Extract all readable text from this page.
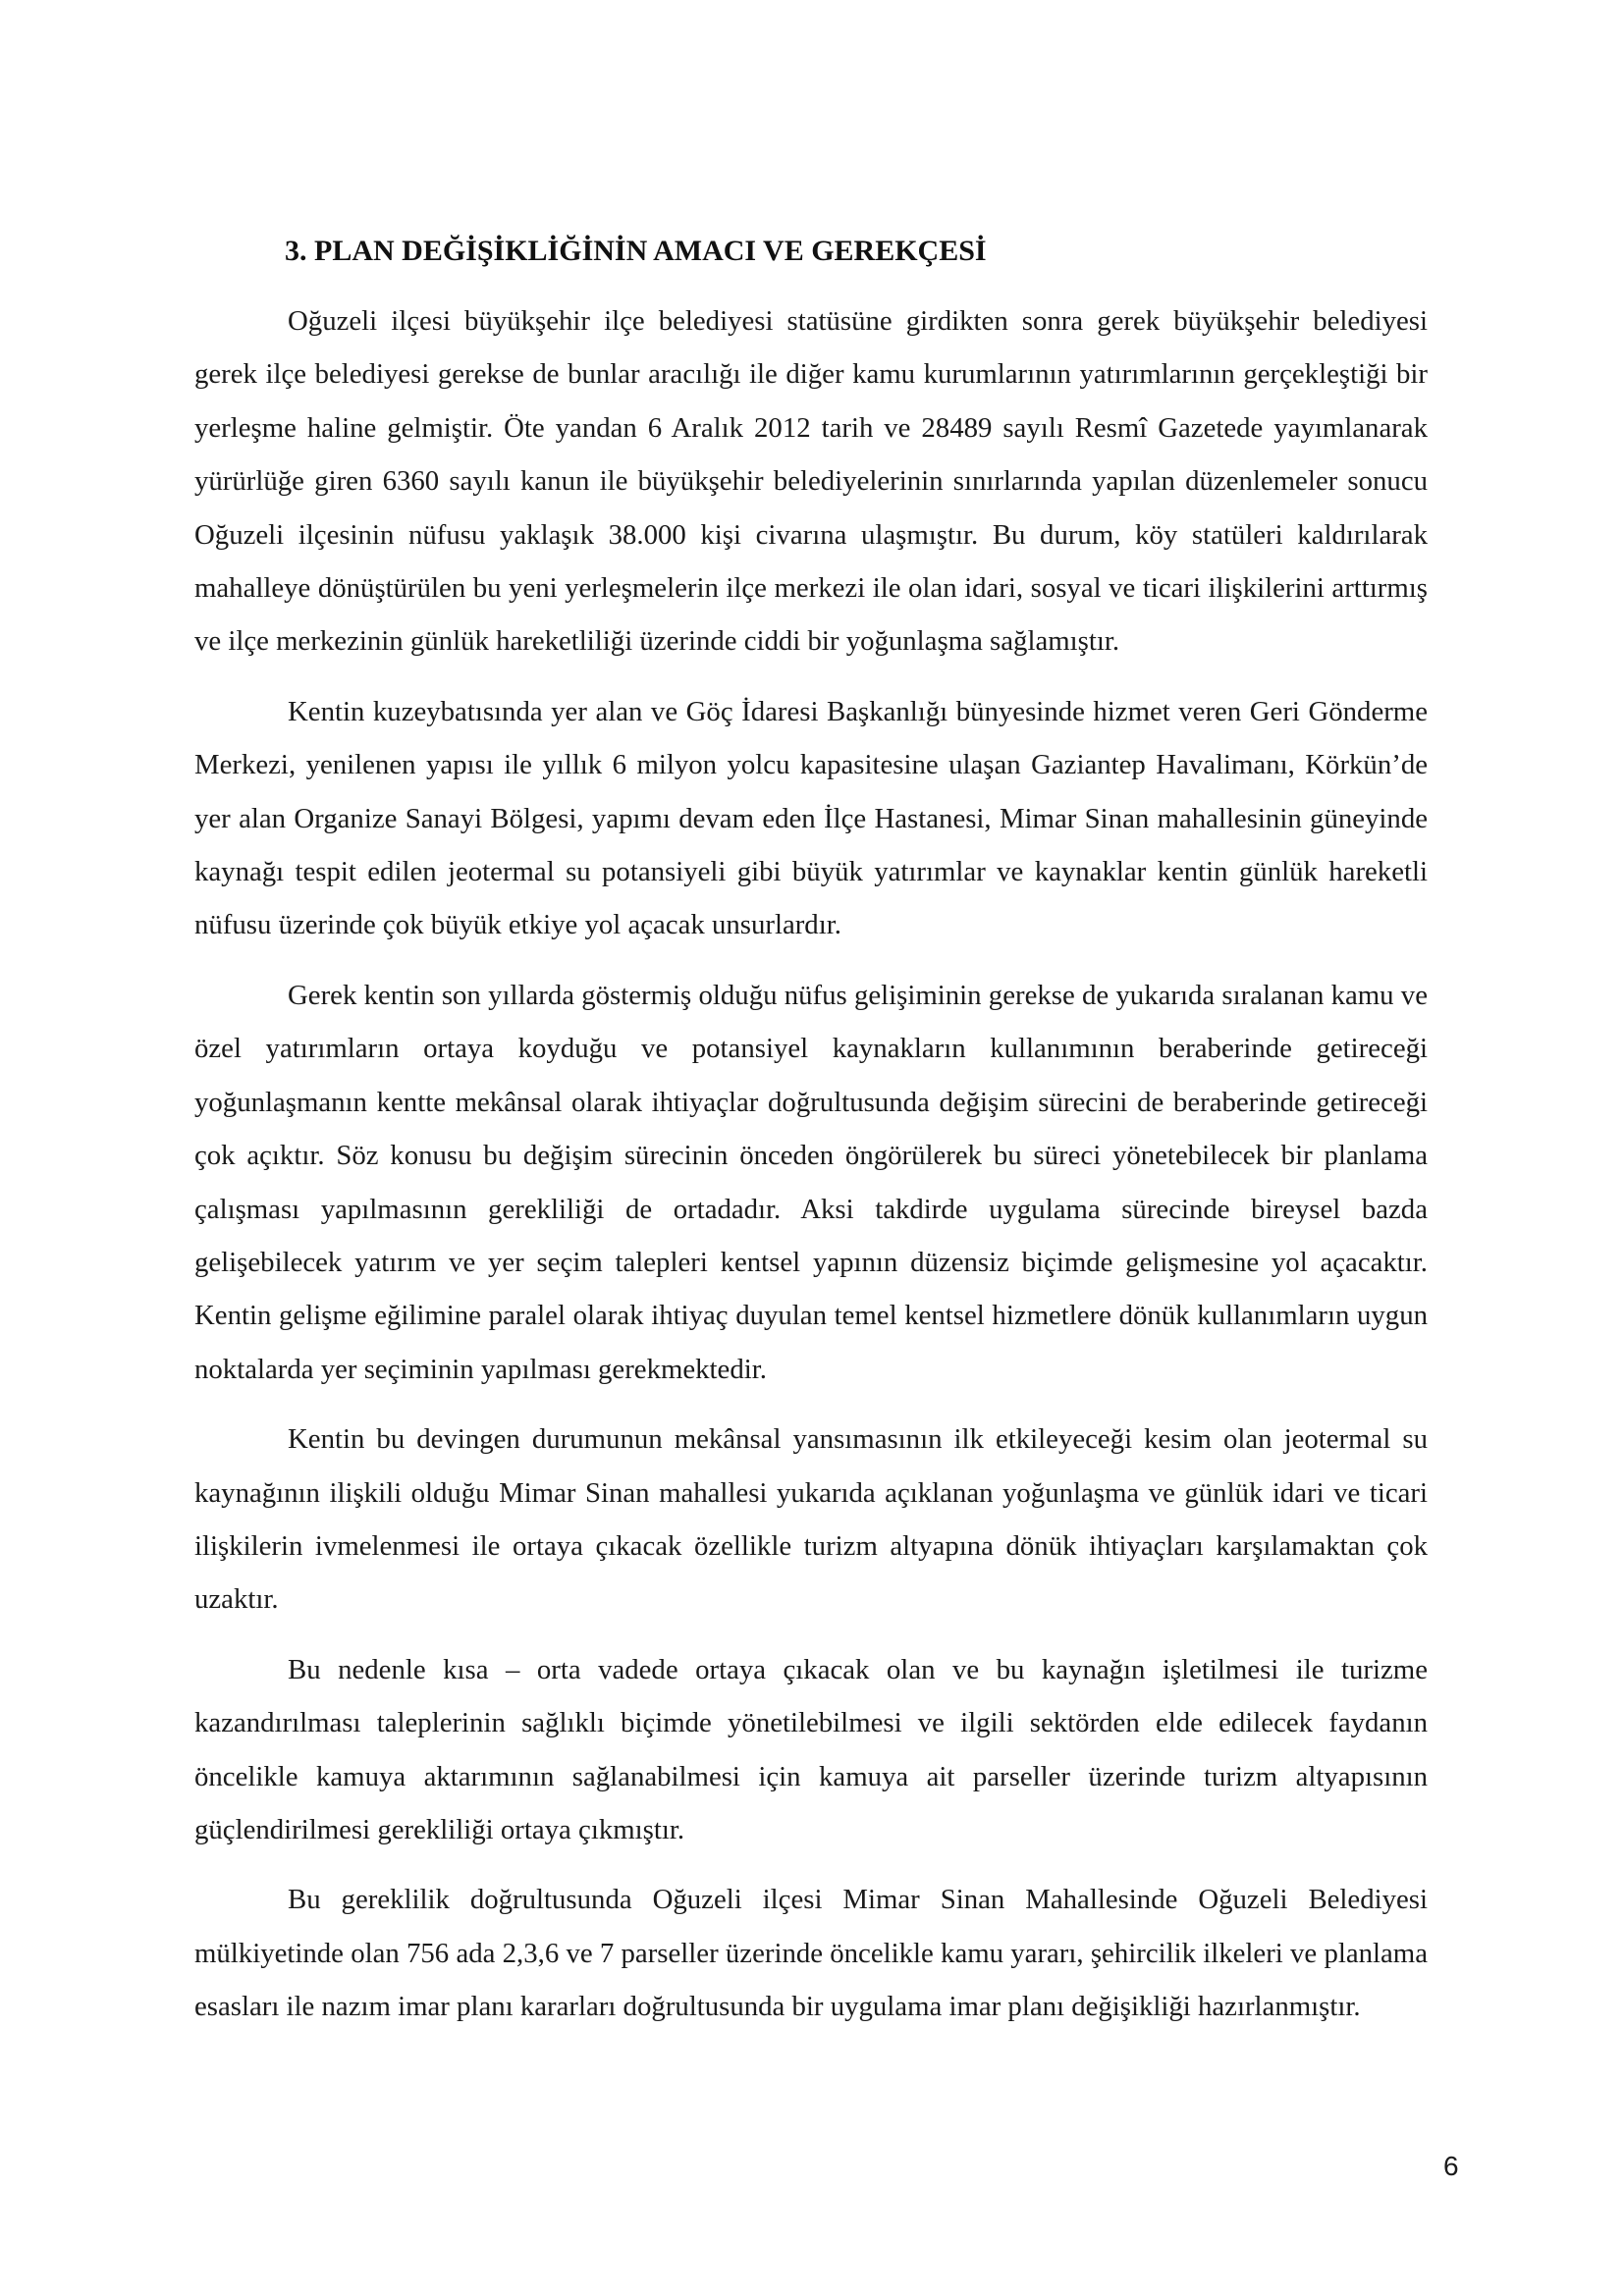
3. PLAN DEĞİŞİKLİĞİNİN AMACI VE GEREKÇESİ

Oğuzeli ilçesi büyükşehir ilçe belediyesi statüsüne girdikten sonra gerek büyükşehir belediyesi gerek ilçe belediyesi gerekse de bunlar aracılığı ile diğer kamu kurumlarının yatırımlarının gerçekleştiği bir yerleşme haline gelmiştir. Öte yandan 6 Aralık 2012 tarih ve 28489 sayılı Resmî Gazetede yayımlanarak yürürlüğe giren 6360 sayılı kanun ile büyükşehir belediyelerinin sınırlarında yapılan düzenlemeler sonucu Oğuzeli ilçesinin nüfusu yaklaşık 38.000 kişi civarına ulaşmıştır. Bu durum, köy statüleri kaldırılarak mahalleye dönüştürülen bu yeni yerleşmelerin ilçe merkezi ile olan idari, sosyal ve ticari ilişkilerini arttırmış ve ilçe merkezinin günlük hareketliliği üzerinde ciddi bir yoğunlaşma sağlamıştır.

Kentin kuzeybatısında yer alan ve Göç İdaresi Başkanlığı bünyesinde hizmet veren Geri Gönderme Merkezi, yenilenen yapısı ile yıllık 6 milyon yolcu kapasitesine ulaşan Gaziantep Havalimanı, Körkün’de yer alan Organize Sanayi Bölgesi, yapımı devam eden İlçe Hastanesi, Mimar Sinan mahallesinin güneyinde kaynağı tespit edilen jeotermal su potansiyeli gibi büyük yatırımlar ve kaynaklar kentin günlük hareketli nüfusu üzerinde çok büyük etkiye yol açacak unsurlardır.

Gerek kentin son yıllarda göstermiş olduğu nüfus gelişiminin gerekse de yukarıda sıralanan kamu ve özel yatırımların ortaya koyduğu ve potansiyel kaynakların kullanımının beraberinde getireceği yoğunlaşmanın kentte mekânsal olarak ihtiyaçlar doğrultusunda değişim sürecini de beraberinde getireceği çok açıktır. Söz konusu bu değişim sürecinin önceden öngörülerek bu süreci yönetebilecek bir planlama çalışması yapılmasının gerekliliği de ortadadır. Aksi takdirde uygulama sürecinde bireysel bazda gelişebilecek yatırım ve yer seçim talepleri kentsel yapının düzensiz biçimde gelişmesine yol açacaktır. Kentin gelişme eğilimine paralel olarak ihtiyaç duyulan temel kentsel hizmetlere dönük kullanımların uygun noktalarda yer seçiminin yapılması gerekmektedir.

Kentin bu devingen durumunun mekânsal yansımasının ilk etkileyeceği kesim olan jeotermal su kaynağının ilişkili olduğu Mimar Sinan mahallesi yukarıda açıklanan yoğunlaşma ve günlük idari ve ticari ilişkilerin ivmelenmesi ile ortaya çıkacak özellikle turizm altyapına dönük ihtiyaçları karşılamaktan çok uzaktır.

Bu nedenle kısa – orta vadede ortaya çıkacak olan ve bu kaynağın işletilmesi ile turizme kazandırılması taleplerinin sağlıklı biçimde yönetilebilmesi ve ilgili sektörden elde edilecek faydanın öncelikle kamuya aktarımının sağlanabilmesi için kamuya ait parseller üzerinde turizm altyapısının güçlendirilmesi gerekliliği ortaya çıkmıştır.

Bu gereklilik doğrultusunda Oğuzeli ilçesi Mimar Sinan Mahallesinde Oğuzeli Belediyesi mülkiyetinde olan 756 ada 2,3,6 ve 7 parseller üzerinde öncelikle kamu yararı, şehircilik ilkeleri ve planlama esasları ile nazım imar planı kararları doğrultusunda bir uygulama imar planı değişikliği hazırlanmıştır.

6
